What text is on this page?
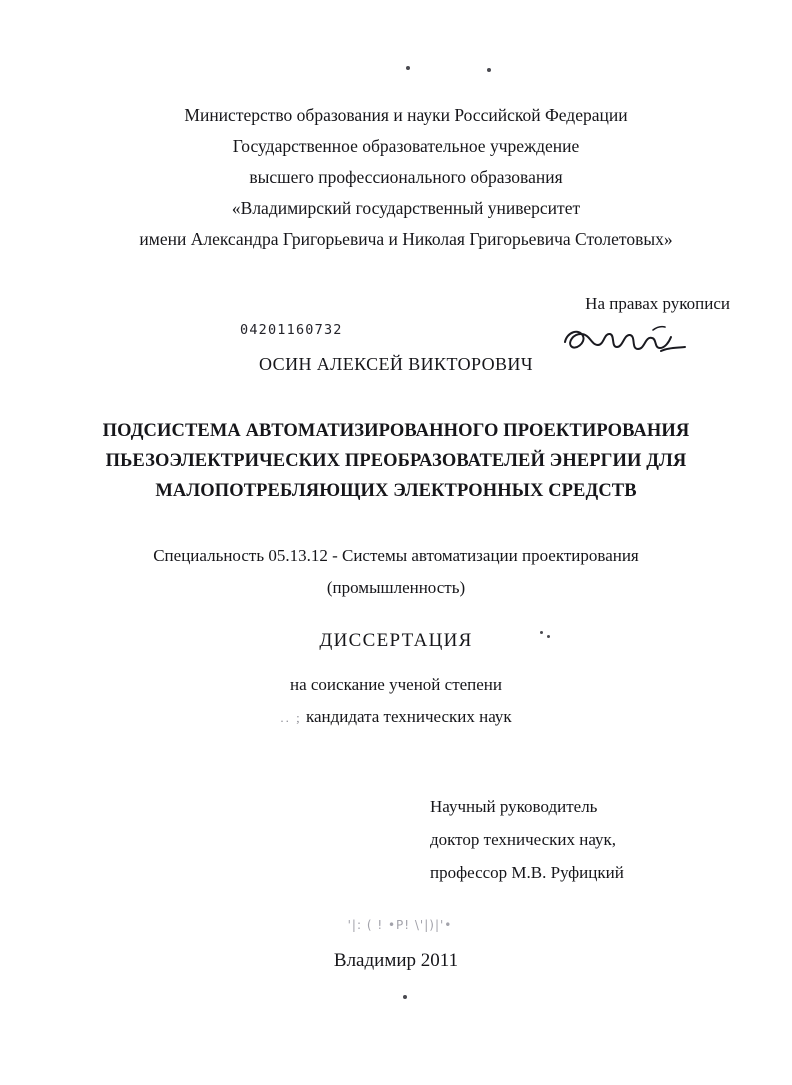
Министерство образования и науки Российской Федерации
Государственное образовательное учреждение
высшего профессионального образования
«Владимирский государственный университет
имени Александра Григорьевича и Николая Григорьевича Столетовых»
На правах рукописи
04201160732
ОСИН АЛЕКСЕЙ ВИКТОРОВИЧ
ПОДСИСТЕМА АВТОМАТИЗИРОВАННОГО ПРОЕКТИРОВАНИЯ
ПЬЕЗОЭЛЕКТРИЧЕСКИХ ПРЕОБРАЗОВАТЕЛЕЙ ЭНЕРГИИ ДЛЯ
МАЛОПОТРЕБЛЯЮЩИХ ЭЛЕКТРОННЫХ СРЕДСТВ
Специальность 05.13.12 - Системы автоматизации проектирования
(промышленность)
ДИССЕРТАЦИЯ
на соискание ученой степени
.. ; кандидата технических наук
Научный руководитель
доктор технических наук,
профессор М.В. Руфицкий
'|: ( ! •Р! \'|)|'•
Владимир 2011
